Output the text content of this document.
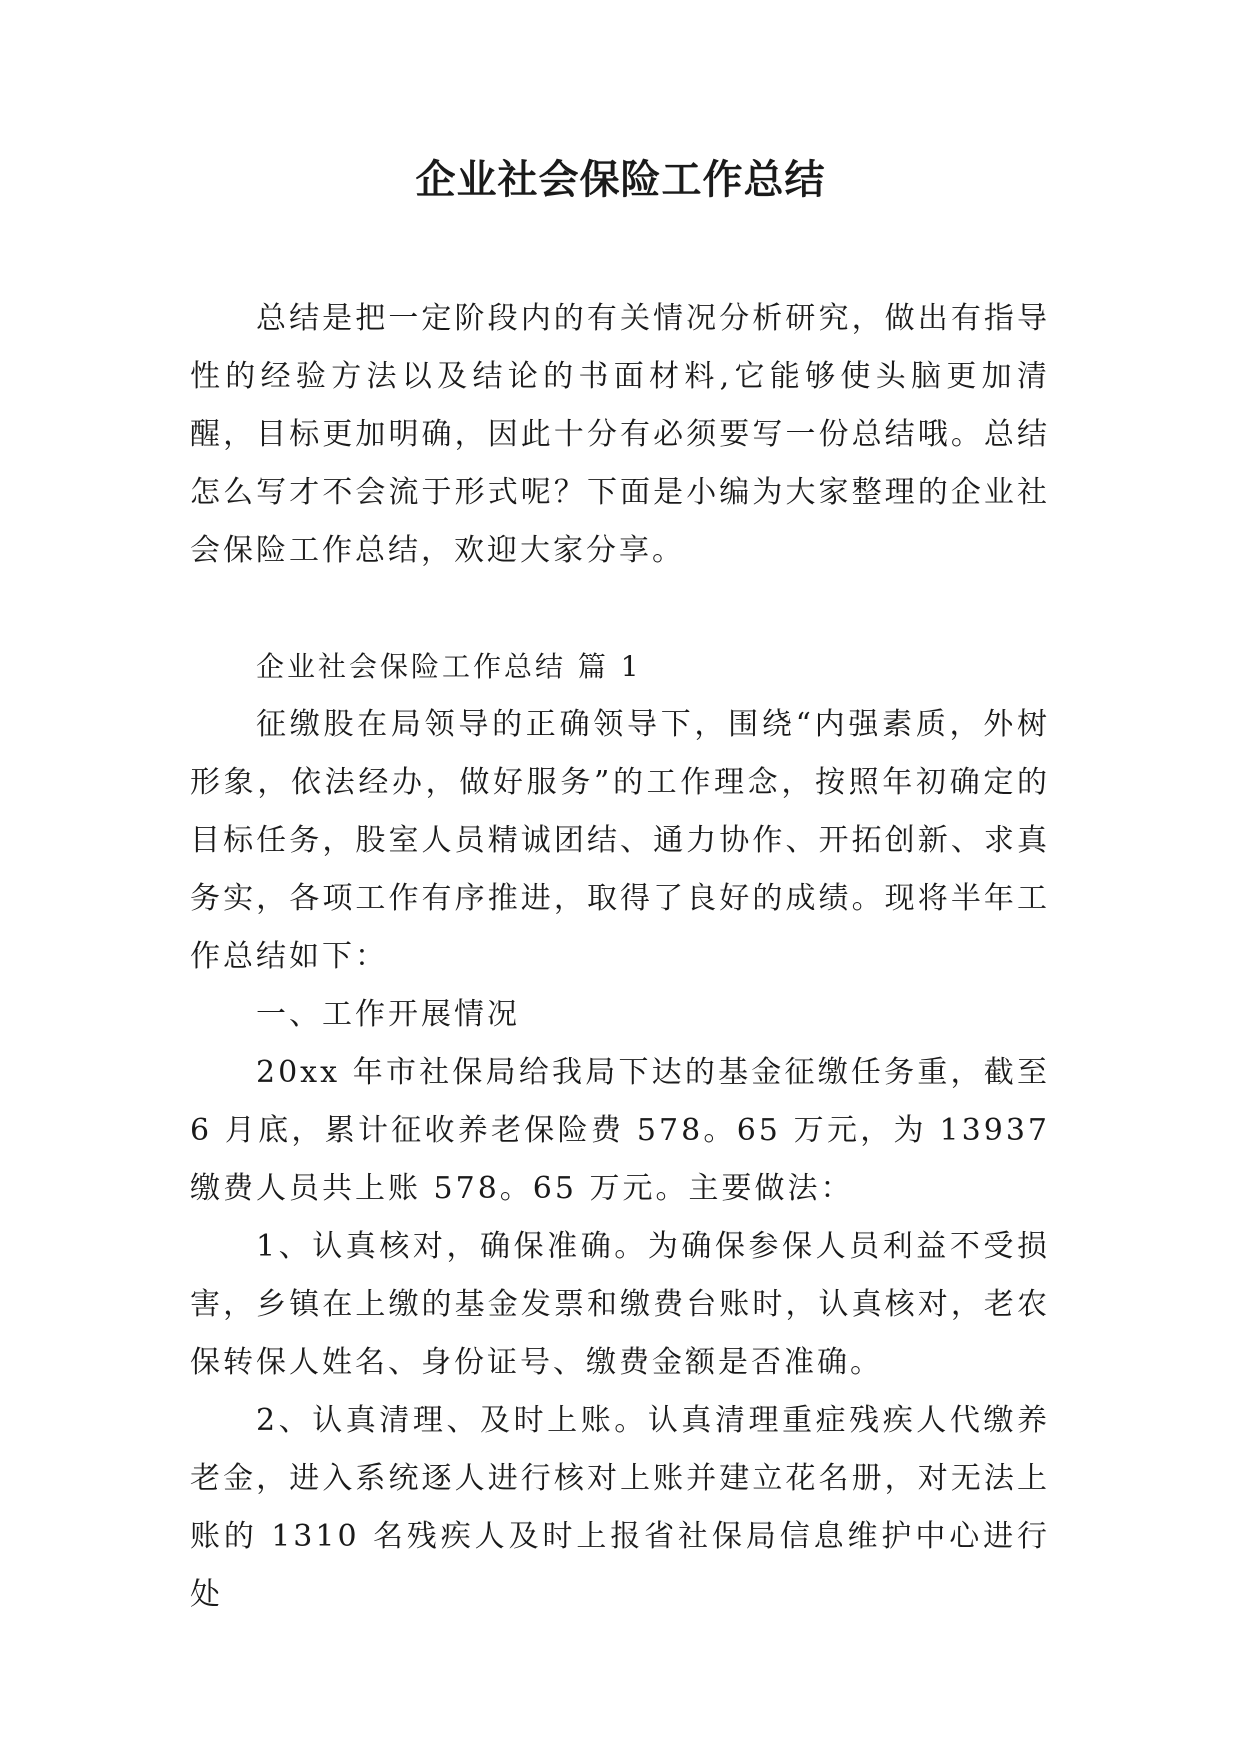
企业社会保险工作总结

总结是把一定阶段内的有关情况分析研究，做出有指导性的经验方法以及结论的书面材料,它能够使头脑更加清醒，目标更加明确，因此十分有必须要写一份总结哦。总结怎么写才不会流于形式呢？下面是小编为大家整理的企业社会保险工作总结，欢迎大家分享。

企业社会保险工作总结 篇 1

征缴股在局领导的正确领导下，围绕“内强素质，外树形象，依法经办，做好服务”的工作理念，按照年初确定的目标任务，股室人员精诚团结、通力协作、开拓创新、求真务实，各项工作有序推进，取得了良好的成绩。现将半年工作总结如下：

一、工作开展情况

20xx 年市社保局给我局下达的基金征缴任务重，截至 6 月底，累计征收养老保险费 578。65 万元，为 13937 缴费人员共上账 578。65 万元。主要做法：

1、认真核对，确保准确。为确保参保人员利益不受损害，乡镇在上缴的基金发票和缴费台账时，认真核对，老农保转保人姓名、身份证号、缴费金额是否准确。

2、认真清理、及时上账。认真清理重症残疾人代缴养老金，进入系统逐人进行核对上账并建立花名册，对无法上账的 1310 名残疾人及时上报省社保局信息维护中心进行处
